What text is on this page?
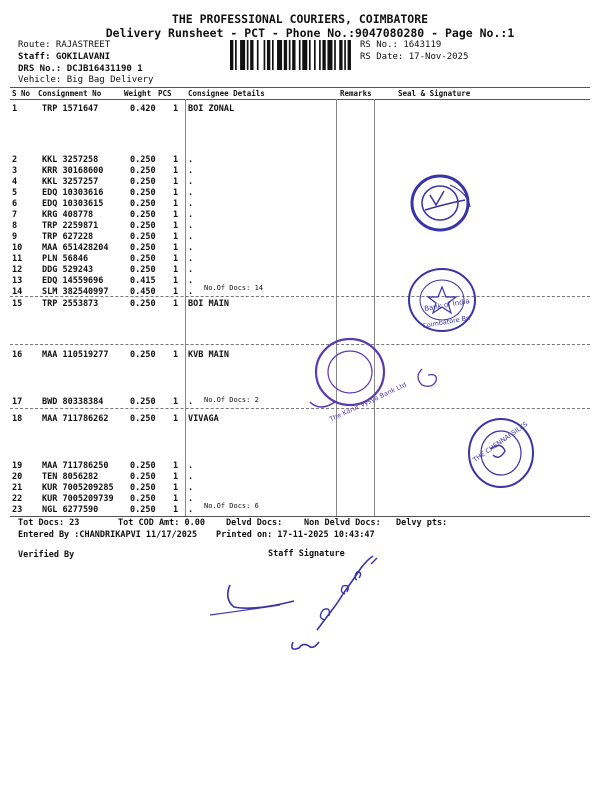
THE PROFESSIONAL COURIERS, COIMBATORE
Delivery Runsheet - PCT - Phone No.:9047080280 - Page No.:1
Route: RAJASTREET
Staff: GOKILAVANI
DRS No.: DCJB16431190 1
Vehicle: Big Bag Delivery
RS No.: 1643119
RS Date: 17-Nov-2025
S No Consignment No	Weight PCS Consignee Details	Remarks	Seal & Signature
1	TRP 1571647	0.420 1 BOI ZONAL
2	KKL 3257258	0.250 1 .
3	KRR 30168600	0.250 1 .
4	KKL 3257257	0.250 1 .
5	EDQ 10303616	0.250 1 .
6	EDQ 10303615	0.250 1 .
7	KRG 408778	0.250 1 .
8	TRP 2259871	0.250 1 .
9	TRP 627228	0.250 1 .
10 MAA 651428204	0.250 1 .
11 PLN 56846	0.250 1 .
12 DDG 529243	0.250 1 .
13 EDQ 14559696	0.415 1 .
14 SLM 382540997	0.450 1 . No.Of Docs: 14
15 TRP 2553873	0.250 1 BOI MAIN
16 MAA 110519277	0.250 1 KVB MAIN
17 BWD 80338384	0.250 1 . No.Of Docs: 2
18 MAA 711786262	0.250 1 VIVAGA
19 MAA 711786250	0.250 1 .
20 TEN 8056282	0.250 1 .
21 KUR 7005209285 0.250 1 .
22 KUR 7005209739 0.250 1 .
23 NGL 6277590	0.250 1 . No.Of Docs: 6
Bank of India
Coimbatore Br.
The Karur Vysya Bank Ltd
THE CHENNAI SILKS
Tot Docs: 23	Tot COD Amt: 0.00 Delvd Docs:	Non Delvd Docs: Delvy pts:
Entered By :CHANDRIKAPVI 11/17/2025 Printed on: 17-11-2025 10:43:47
Verified By	Staff Signature
